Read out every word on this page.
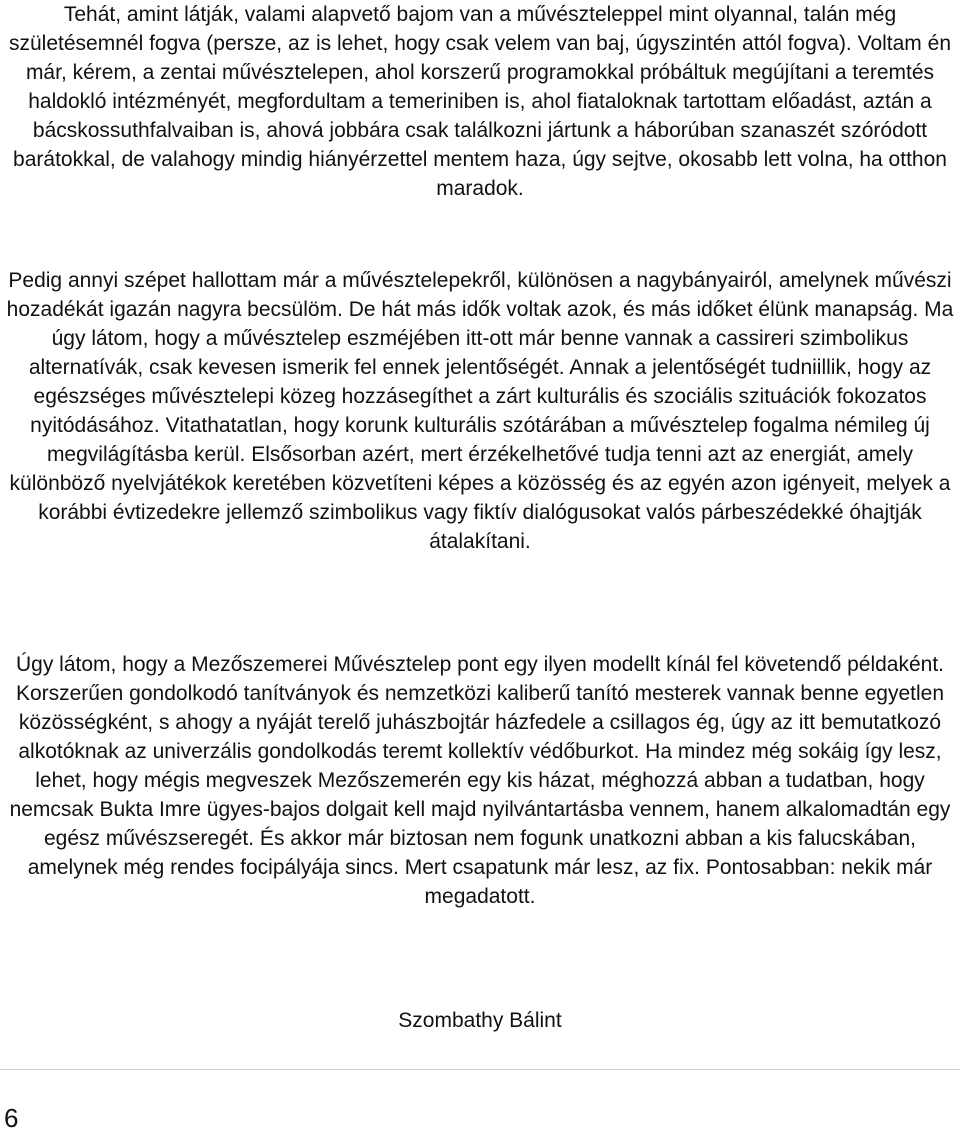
Tehát, amint látják, valami alapvető bajom van a művészteleppel mint olyannal, talán még születésemnél fogva (persze, az is lehet, hogy csak velem van baj, úgyszintén attól fogva). Voltam én már, kérem, a zentai művésztelepen, ahol korszerű programokkal próbáltuk megújítani a teremtés haldokló intézményét, megfordultam a temeriniben is, ahol fiataloknak tartottam előadást, aztán a bácskossuthfalvaiban is, ahová jobbára csak találkozni jártunk a háborúban szanaszét szóródott barátokkal, de valahogy mindig hiányérzettel mentem haza, úgy sejtve, okosabb lett volna, ha otthon maradok.

Pedig annyi szépet hallottam már a művésztelepekről, különösen a nagybányairól, amelynek művészi hozadékát igazán nagyra becsülöm. De hát más idők voltak azok, és más időket élünk manapság. Ma úgy látom, hogy a művésztelep eszméjében itt-ott már benne vannak a cassireri szimbolikus alternatívák, csak kevesen ismerik fel ennek jelentőségét. Annak a jelentőségét tudniillik, hogy az egészséges művésztelepi közeg hozzásegíthet a zárt kulturális és szociális szituációk fokozatos nyitódásához. Vitathatatlan, hogy korunk kulturális szótárában a művésztelep fogalma némileg új megvilágításba kerül. Elsősorban azért, mert érzékelhetővé tudja tenni azt az energiát, amely különböző nyelvjátékok keretében közvetíteni képes a közösség és az egyén azon igényeit, melyek a korábbi évtizedekre jellemző szimbolikus vagy fiktív dialógusokat valós párbeszédekké óhajtják átalakítani.

Úgy látom, hogy a Mezőszemerei Művésztelep pont egy ilyen modellt kínál fel követendő példaként. Korszerűen gondolkodó tanítványok és nemzetközi kaliberű tanító mesterek vannak benne egyetlen közösségként, s ahogy a nyáját terelő juhászbojtár házfedele a csillagos ég, úgy az itt bemutatkozó alkotóknak az univerzális gondolkodás teremt kollektív védőburkot. Ha mindez még sokáig így lesz, lehet, hogy mégis megveszek Mezőszemerén egy kis házat, méghozzá abban a tudatban, hogy nemcsak Bukta Imre ügyes-bajos dolgait kell majd nyilvántartásba vennem, hanem alkalomadtán egy egész művészseregét. És akkor már biztosan nem fogunk unatkozni abban a kis falucskában, amelynek még rendes focipályája sincs. Mert csapatunk már lesz, az fix. Pontosabban: nekik már megadatott.

Szombathy Bálint

6
